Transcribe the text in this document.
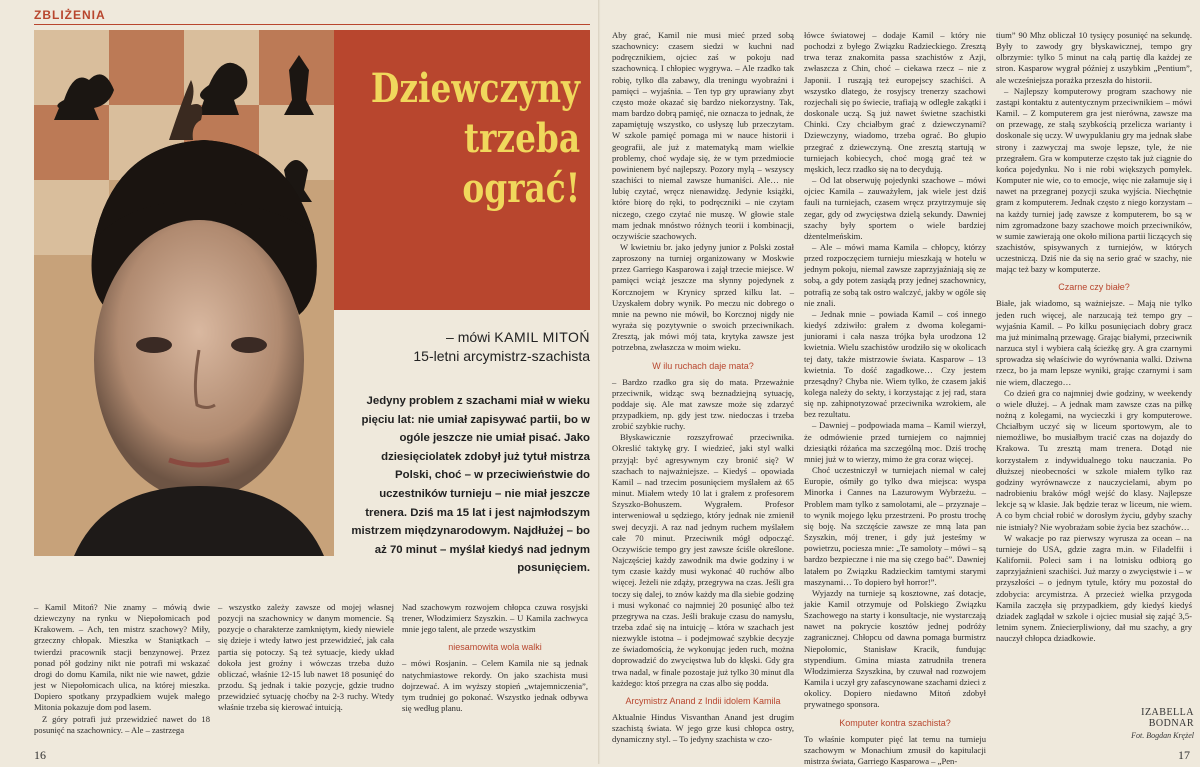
ZBLIŻENIA
Dziewczyny
trzeba
ograć!
– mówi KAMIL MITOŃ
15-letni arcymistrz-szachista
Jedyny problem z szachami miał w wieku pięciu lat: nie umiał zapisywać partii, bo w ogóle jeszcze nie umiał pisać. Jako dziesięciolatek zdobył już tytuł mistrza Polski, choć – w przeciwieństwie do uczestników turnieju – nie miał jeszcze trenera. Dziś ma 15 lat i jest najmłodszym mistrzem międzynarodowym. Najdłużej – bo aż 70 minut – myślał kiedyś nad jednym posunięciem.

– Kamil Mitoń? Nie znamy – mówią dwie dziewczyny na rynku w Niepołomicach pod Krakowem. – Ach, ten mistrz szachowy? Miły, grzeczny chłopak. Mieszka w Staniątkach – twierdzi pracownik stacji benzynowej. Przez ponad pół godziny nikt nie potrafi mi wskazać drogi do domu Kamila, nikt nie wie nawet, gdzie jest w Niepołomicach ulica, na której mieszka. Dopiero spotkany przypadkiem wujek małego Mitonia pokazuje dom pod lasem.

Z góry potrafi już przewidzieć nawet do 18 posunięć na szachownicy. – Ale – zastrzega

– wszystko zależy zawsze od mojej własnej pozycji na szachownicy w danym momencie. Są pozycje o charakterze zamkniętym, kiedy niewiele się dzieje i wtedy łatwo jest przewidzieć, jak cała partia się potoczy. Są też sytuacje, kiedy układ dokoła jest groźny i wówczas trzeba dużo obliczać, właśnie 12-15 lub nawet 18 posunięć do przodu. Są jednak i takie pozycje, gdzie trudno przewidzieć sytuację choćby na 2-3 ruchy. Wtedy właśnie trzeba się kierować intuicją.

Nad szachowym rozwojem chłopca czuwa rosyjski trener, Włodzimierz Szyszkin. – U Kamila zachwyca mnie jego talent, ale przede wszystkim

niesamowita wola walki

– mówi Rosjanin. – Celem Kamila nie są jednak natychmiastowe rekordy. On jako szachista musi dojrzewać. A im wyższy stopień „wtajemniczenia”, tym trudniej go pokonać. Wszystko jednak odbywa się według planu.

Aby grać, Kamil nie musi mieć przed sobą szachownicy: czasem siedzi w kuchni nad podręcznikiem, ojciec zaś w pokoju nad szachownicą. I chłopiec wygrywa. – Ale rzadko tak robię, tylko dla zabawy, dla treningu wyobraźni i pamięci – wyjaśnia. – Ten typ gry uprawiany zbyt często może okazać się bardzo niekorzystny. Tak, mam bardzo dobrą pamięć, nie oznacza to jednak, że zapamiętuję wszystko, co usłyszę lub przeczytam. W szkole pamięć pomaga mi w nauce historii i geografii, ale już z matematyką mam wielkie problemy, choć wydaje się, że w tym przedmiocie powinienem być najlepszy. Pozory mylą – wszyscy szachiści to niemal zawsze humaniści. Ale… nie lubię czytać, wręcz nienawidzę. Jedynie książki, które biorę do ręki, to podręczniki – nie czytam niczego, czego czytać nie muszę. W głowie stale mam jednak mnóstwo różnych teorii i kombinacji, oczywiście szachowych.

W kwietniu br. jako jedyny junior z Polski został zaproszony na turniej organizowany w Moskwie przez Garriego Kasparowa i zajął trzecie miejsce. W pamięci wciąż jeszcze ma słynny pojedynek z Korcznojem w Krynicy sprzed kilku lat. – Uzyskałem dobry wynik. Po meczu nic dobrego o mnie na pewno nie mówił, bo Korcznoj nigdy nie wyraża się pozytywnie o swoich przeciwnikach. Zresztą, jak mówi mój tata, krytyka zawsze jest potrzebna, zwłaszcza w moim wieku.

W ilu ruchach daje mata?

– Bardzo rzadko gra się do mata. Przeważnie przeciwnik, widząc swą beznadziejną sytuację, poddaje się. Ale mat zawsze może się zdarzyć przypadkiem, np. gdy jest tzw. niedoczas i trzeba zrobić szybkie ruchy.

Błyskawicznie rozszyfrować przeciwnika. Okreslić taktykę gry. I wiedzieć, jaki styl walki przyjął: być agresywnym czy bronić się? W szachach to najważniejsze. – Kiedyś – opowiada Kamil – nad trzecim posunięciem myślałem aż 65 minut. Miałem wtedy 10 lat i grałem z profesorem Szyszko-Bohuszem. Wygrałem. Profesor interweniował u sędziego, który jednak nie zmienił swej decyzji. A raz nad jednym ruchem myślałem całe 70 minut. Przeciwnik mógł odpocząć. Oczywiście tempo gry jest zawsze ściśle określone. Najczęściej każdy zawodnik ma dwie godziny i w tym czasie każdy musi wykonać 40 ruchów albo więcej. Jeżeli nie zdąży, przegrywa na czas. Jeśli gra toczy się dalej, to znów każdy ma dla siebie godzinę i musi wykonać co najmniej 20 posunięć albo też przegrywa na czas. Jeśli brakuje czasu do namysłu, trzeba zdać się na intuicję – która w szachach jest niezwykle istotna – i podejmować szybkie decyzje ze świadomością, że wykonując jeden ruch, można doprowadzić do zwycięstwa lub do klęski. Gdy gra trwa nadal, w finale pozostaje już tylko 30 minut dla każdego: ktoś przegra na czas albo się podda.

Arcymistrz Anand z Indii idolem Kamila

Aktualnie Hindus Visvanthan Anand jest drugim szachistą świata. W jego grze kusi chłopca ostry, dynamiczny styl. – To jedyny szachista w czo-

łówce światowej – dodaje Kamil – który nie pochodzi z byłego Związku Radzieckiego. Zresztą trwa teraz znakomita passa szachistów z Azji, zwłaszcza z Chin, choć – ciekawa rzecz – nie z Japonii. I rusząją też europejscy szachiści. A wszystko dlatego, że rosyjscy trenerzy szachowi rozjechali się po świecie, trafiają w odległe zakątki i doskonale uczą. Są już nawet świetne szachistki Chinki. Czy chciałbym grać z dziewczynami? Dziewczyny, wiadomo, trzeba ograć. Bo głupio przegrać z dziewczyną. One zresztą startują w turniejach kobiecych, choć mogą grać też w męskich, lecz rzadko się na to decydują.

– Od lat obserwuję pojedynki szachowe – mówi ojciec Kamila – zauważyłem, jak wiele jest dziś fauli na turniejach, czasem wręcz przytrzymuje się zegar, gdy od zwycięstwa dzielą sekundy. Dawniej szachy były sportem o wiele bardziej dżentelmeńskim.

– Ale – mówi mama Kamila – chłopcy, którzy przed rozpoczęciem turnieju mieszkają w hotelu w jednym pokoju, niemal zawsze zaprzyjaźniają się ze sobą, a gdy potem zasiądą przy jednej szachownicy, potrafią ze sobą tak ostro walczyć, jakby w ogóle się nie znali.

– Jednak mnie – powiada Kamil – coś innego kiedyś zdziwiło: grałem z dwoma kolegami-juniorami i cała nasza trójka była urodzona 12 kwietnia. Wielu szachistów urodziło się w okolicach tej daty, także mistrzowie świata. Kasparow – 13 kwietnia. To dość zagadkowe… Czy jestem przesądny? Chyba nie. Wiem tylko, że czasem jakiś kolega należy do sekty, i korzystając z jej rad, stara się np. zahipnotyzować przeciwnika wzrokiem, ale bez rezultatu.

– Dawniej – podpowiada mama – Kamil wierzył, że odmówienie przed turniejem co najmniej dziesiątki różańca ma szczególną moc. Dziś trochę mniej już w to wierzy, mimo że gra coraz więcej.

Choć uczestniczył w turniejach niemal w całej Europie, ośmiły go tylko dwa miejsca: wyspa Minorka i Cannes na Lazurowym Wybrzeżu. – Problem mam tylko z samolotami, ale – przyznaje – to wynik mojego lęku przestrzeni. Po prostu trochę się boję. Na szczęście zawsze ze mną lata pan Szyszkin, mój trener, i gdy już jesteśmy w powietrzu, pociesza mnie: „Te samoloty – mówi – są bardzo bezpieczne i nie ma się czego bać”. Dawniej latałem po Związku Radzieckim tamtymi starymi maszynami… To dopiero był horror!”.

Wyjazdy na turnieje są kosztowne, zaś dotacje, jakie Kamil otrzymuje od Polskiego Związku Szachowego na starty i konsultacje, nie wystarczają nawet na pokrycie kosztów jednej podróży zagranicznej. Chłopcu od dawna pomaga burmistrz Niepołomic, Stanisław Kracik, fundując stypendium. Gmina miasta zatrudniła trenera Włodzimierza Szyszkina, by czuwał nad rozwojem Kamila i uczył gry zafascynowane szachami dzieci z okolicy. Dopiero niedawno Mitoń zdobył prywatnego sponsora.

Komputer kontra szachista?

To właśnie komputer pięć lat temu na turnieju szachowym w Monachium zmusił do kapitulacji mistrza świata, Garriego Kasparowa – „Pen-

tium” 90 Mhz obliczał 10 tysięcy posunięć na sekundę. Były to zawody gry błyskawicznej, tempo gry olbrzymie: tylko 5 minut na całą partię dla każdej ze stron. Kasparow wygrał później z uszybkim „Pentium”, ale wcześniejsza porażka przeszła do historii.

– Najlepszy komputerowy program szachowy nie zastąpi kontaktu z autentycznym przeciwnikiem – mówi Kamil. – Z komputerem gra jest nierówna, zawsze ma on przewagę, ze stałą szybkością przelicza warianty i doskonale się uczy. W uwypuklaniu gry ma jednak słabe strony i zazwyczaj ma swoje lepsze, tyle, że nie przegrałem. Gra w komputerze często tak już ciągnie do końca pojedynku. No i nie robi większych pomyłek. Komputer nie wie, co to emocje, więc nie załamuje się i nawet na przegranej pozycji szuka wyjścia. Niechętnie gram z komputerem. Jednak często z niego korzystam – na każdy turniej jadę zawsze z komputerem, bo są w nim zgromadzone bazy szachowe moich przeciwników, w sumie zawierają one około miliona partii liczących się szachistów, spisywanych z turniejów, w których uczestniczą. Dziś nie da się na serio grać w szachy, nie mając też bazy w komputerze.

Czarne czy białe?

Białe, jak wiadomo, są ważniejsze. – Mają nie tylko jeden ruch więcej, ale narzucają też tempo gry – wyjaśnia Kamil. – Po kilku posunięciach dobry gracz ma już minimalną przewagę. Grając białymi, przeciwnik narzuca styl i wybiera całą ścieżkę gry. A gra czarnymi sprowadza się właściwie do wyrównania walki. Dziwna rzecz, bo ja mam lepsze wyniki, grając czarnymi i sam nie wiem, dlaczego…

Co dzień gra co najmniej dwie godziny, w weekendy o wiele dłużej. – A jednak mam zawsze czas na piłkę nożną z kolegami, na wycieczki i gry komputerowe. Chciałbym uczyć się w liceum sportowym, ale to niemożliwe, bo musiałbym tracić czas na dojazdy do Krakowa. Tu zresztą mam trenera. Dotąd nie korzystałem z indywidualnego toku nauczania. Po dłuższej nieobecności w szkole miałem tylko raz godziny wyrównawcze z nauczycielami, abym po nadrobieniu braków mógł wejść do klasy. Najlepsze lekcje są w klasie. Jak będzie teraz w liceum, nie wiem. A co bym chciał robić w dorosłym życiu, gdyby szachy nie istniały? Nie wyobrażam sobie życia bez szachów…

W wakacje po raz pierwszy wyrusza za ocean – na turnieje do USA, gdzie zagra m.in. w Filadelfii i Kalifornii. Poleci sam i na lotnisku odbiorą go zaprzyjaźnieni szachiści. Już marzy o zwycięstwie i – w przyszłości – o jednym tytule, który mu pozostał do zdobycia: arcymistrza. A przecież wielka przygoda Kamila zaczęła się przypadkiem, gdy kiedyś kiedyś dziadek zaglądał w szkole i ojciec musiał się zająć 3,5-letnim synem. Zniecierpliwiony, dał mu szachy, a gry nauczył chłopca dziadkowie.

IZABELLA BODNAR
Fot. Bogdan Krężel
16	17
